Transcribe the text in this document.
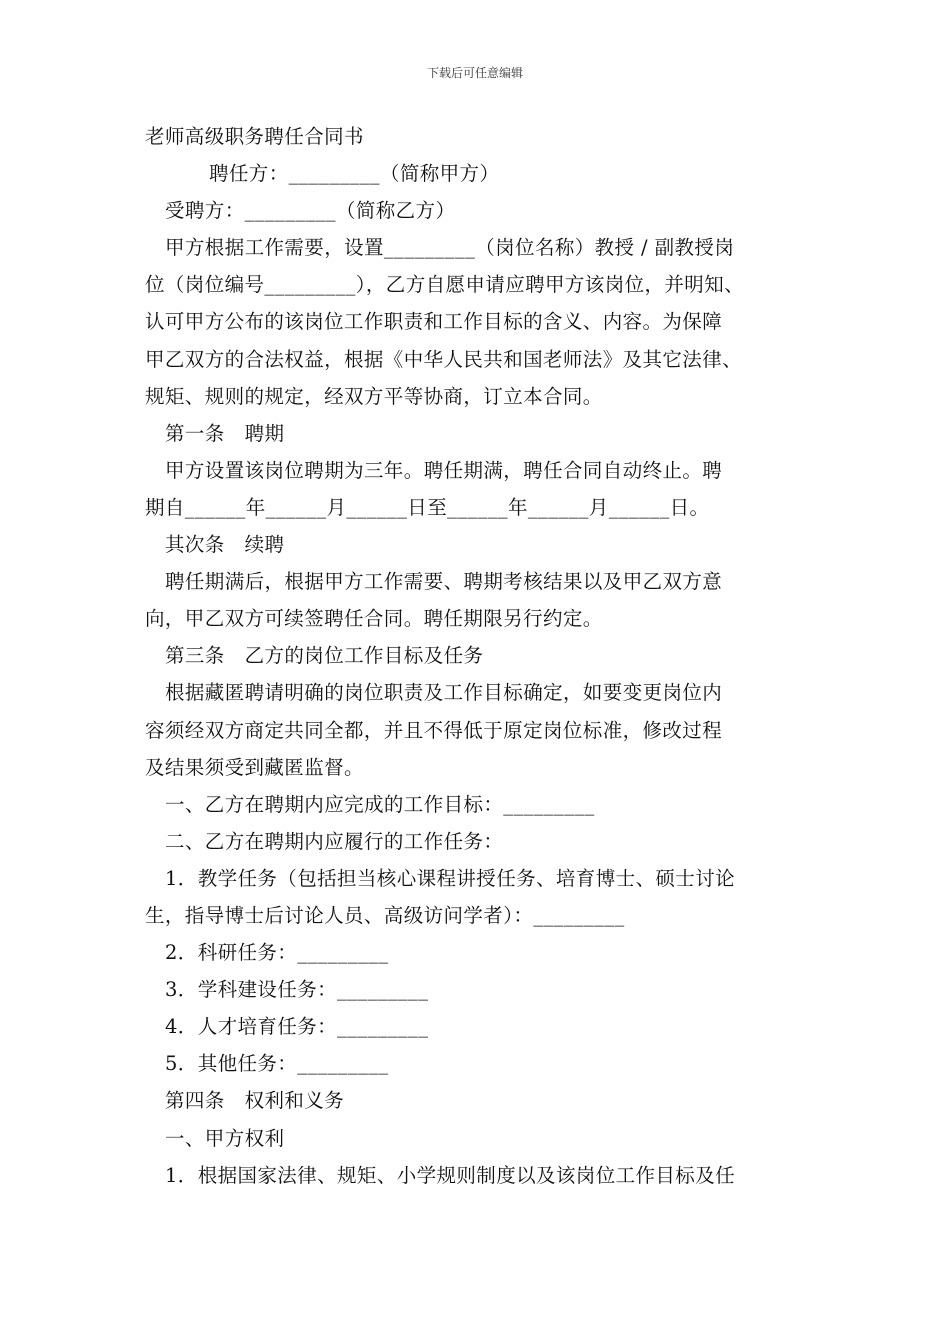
下载后可任意编辑
老师高级职务聘任合同书
聘任方：_________（简称甲方）
受聘方：_________（简称乙方）
甲方根据工作需要，设置_________（岗位名称）教授 / 副教授岗
位（岗位编号_________），乙方自愿申请应聘甲方该岗位，并明知、
认可甲方公布的该岗位工作职责和工作目标的含义、内容。为保障
甲乙双方的合法权益，根据《中华人民共和国老师法》及其它法律、
规矩、规则的规定，经双方平等协商，订立本合同。
第一条　聘期
甲方设置该岗位聘期为三年。聘任期满，聘任合同自动终止。聘
期自______年______月______日至______年______月______日。
其次条　续聘
聘任期满后，根据甲方工作需要、聘期考核结果以及甲乙双方意
向，甲乙双方可续签聘任合同。聘任期限另行约定。
第三条　乙方的岗位工作目标及任务
根据藏匿聘请明确的岗位职责及工作目标确定，如要变更岗位内
容须经双方商定共同全都，并且不得低于原定岗位标准，修改过程
及结果须受到藏匿监督。
一、乙方在聘期内应完成的工作目标：_________
二、乙方在聘期内应履行的工作任务：
1．教学任务（包括担当核心课程讲授任务、培育博士、硕士讨论
生，指导博士后讨论人员、高级访问学者）：_________
2．科研任务：_________
3．学科建设任务：_________
4．人才培育任务：_________
5．其他任务：_________
第四条　权利和义务
一、甲方权利
1．根据国家法律、规矩、小学规则制度以及该岗位工作目标及任
